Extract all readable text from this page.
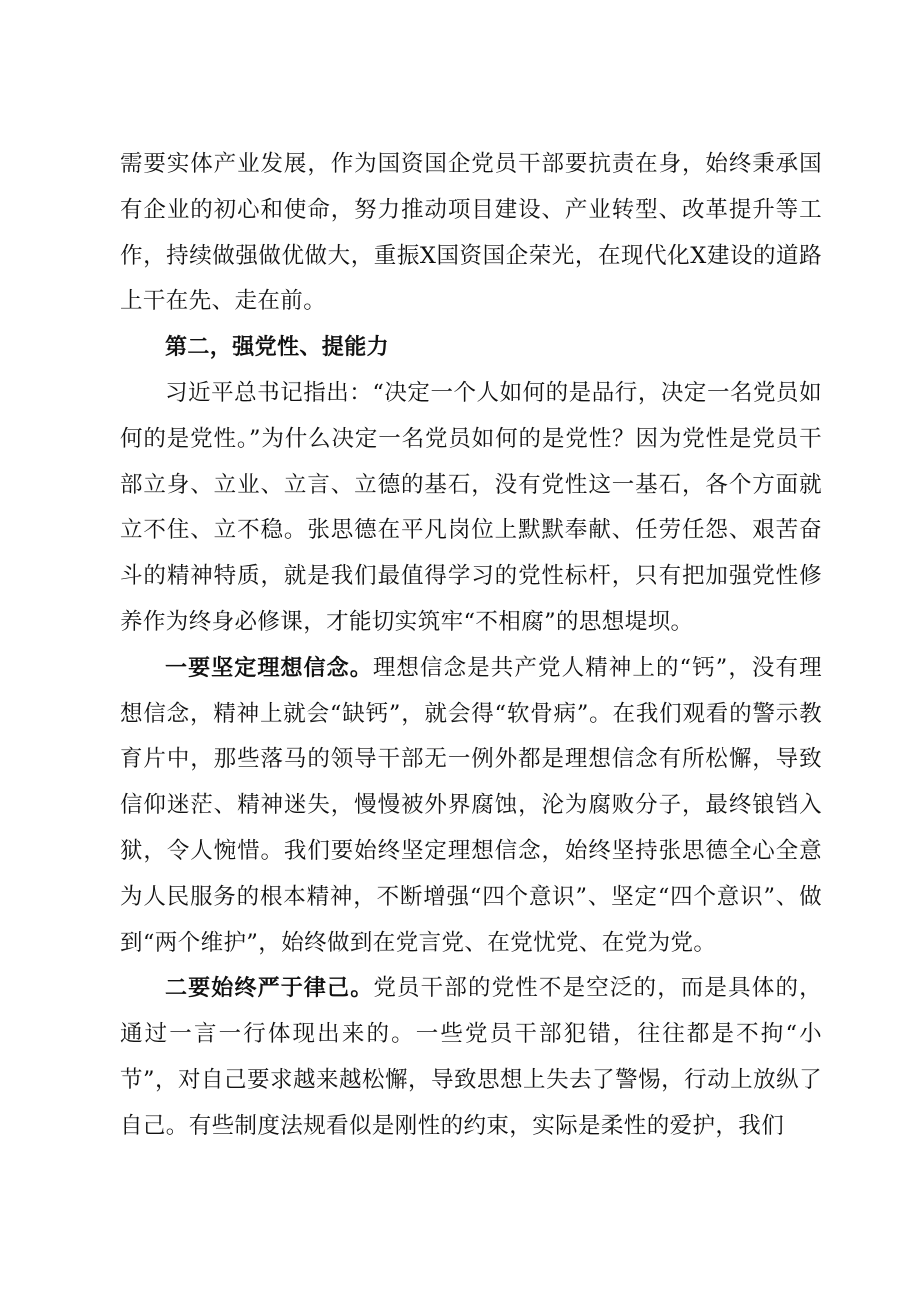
需要实体产业发展，作为国资国企党员干部要抗责在身，始终秉承国有企业的初心和使命，努力推动项目建设、产业转型、改革提升等工作，持续做强做优做大，重振X国资国企荣光，在现代化X建设的道路上干在先、走在前。

第二，强党性、提能力

习近平总书记指出：“决定一个人如何的是品行，决定一名党员如何的是党性。”为什么决定一名党员如何的是党性？因为党性是党员干部立身、立业、立言、立德的基石，没有党性这一基石，各个方面就立不住、立不稳。张思德在平凡岗位上默默奉献、任劳任怨、艰苦奋斗的精神特质，就是我们最值得学习的党性标杆，只有把加强党性修养作为终身必修课，才能切实筑牢“不相腐”的思想堤坝。

一要坚定理想信念。理想信念是共产党人精神上的“钙”，没有理想信念，精神上就会“缺钙”，就会得“软骨病”。在我们观看的警示教育片中，那些落马的领导干部无一例外都是理想信念有所松懈，导致信仰迷茫、精神迷失，慢慢被外界腐蚀，沦为腐败分子，最终锒铛入狱，令人惋惜。我们要始终坚定理想信念，始终坚持张思德全心全意为人民服务的根本精神，不断增强“四个意识”、坚定“四个意识”、做到“两个维护”，始终做到在党言党、在党忧党、在党为党。

二要始终严于律己。党员干部的党性不是空泛的，而是具体的，通过一言一行体现出来的。一些党员干部犯错，往往都是不拘“小节”，对自己要求越来越松懈，导致思想上失去了警惕，行动上放纵了自己。有些制度法规看似是刚性的约束，实际是柔性的爱护，我们
